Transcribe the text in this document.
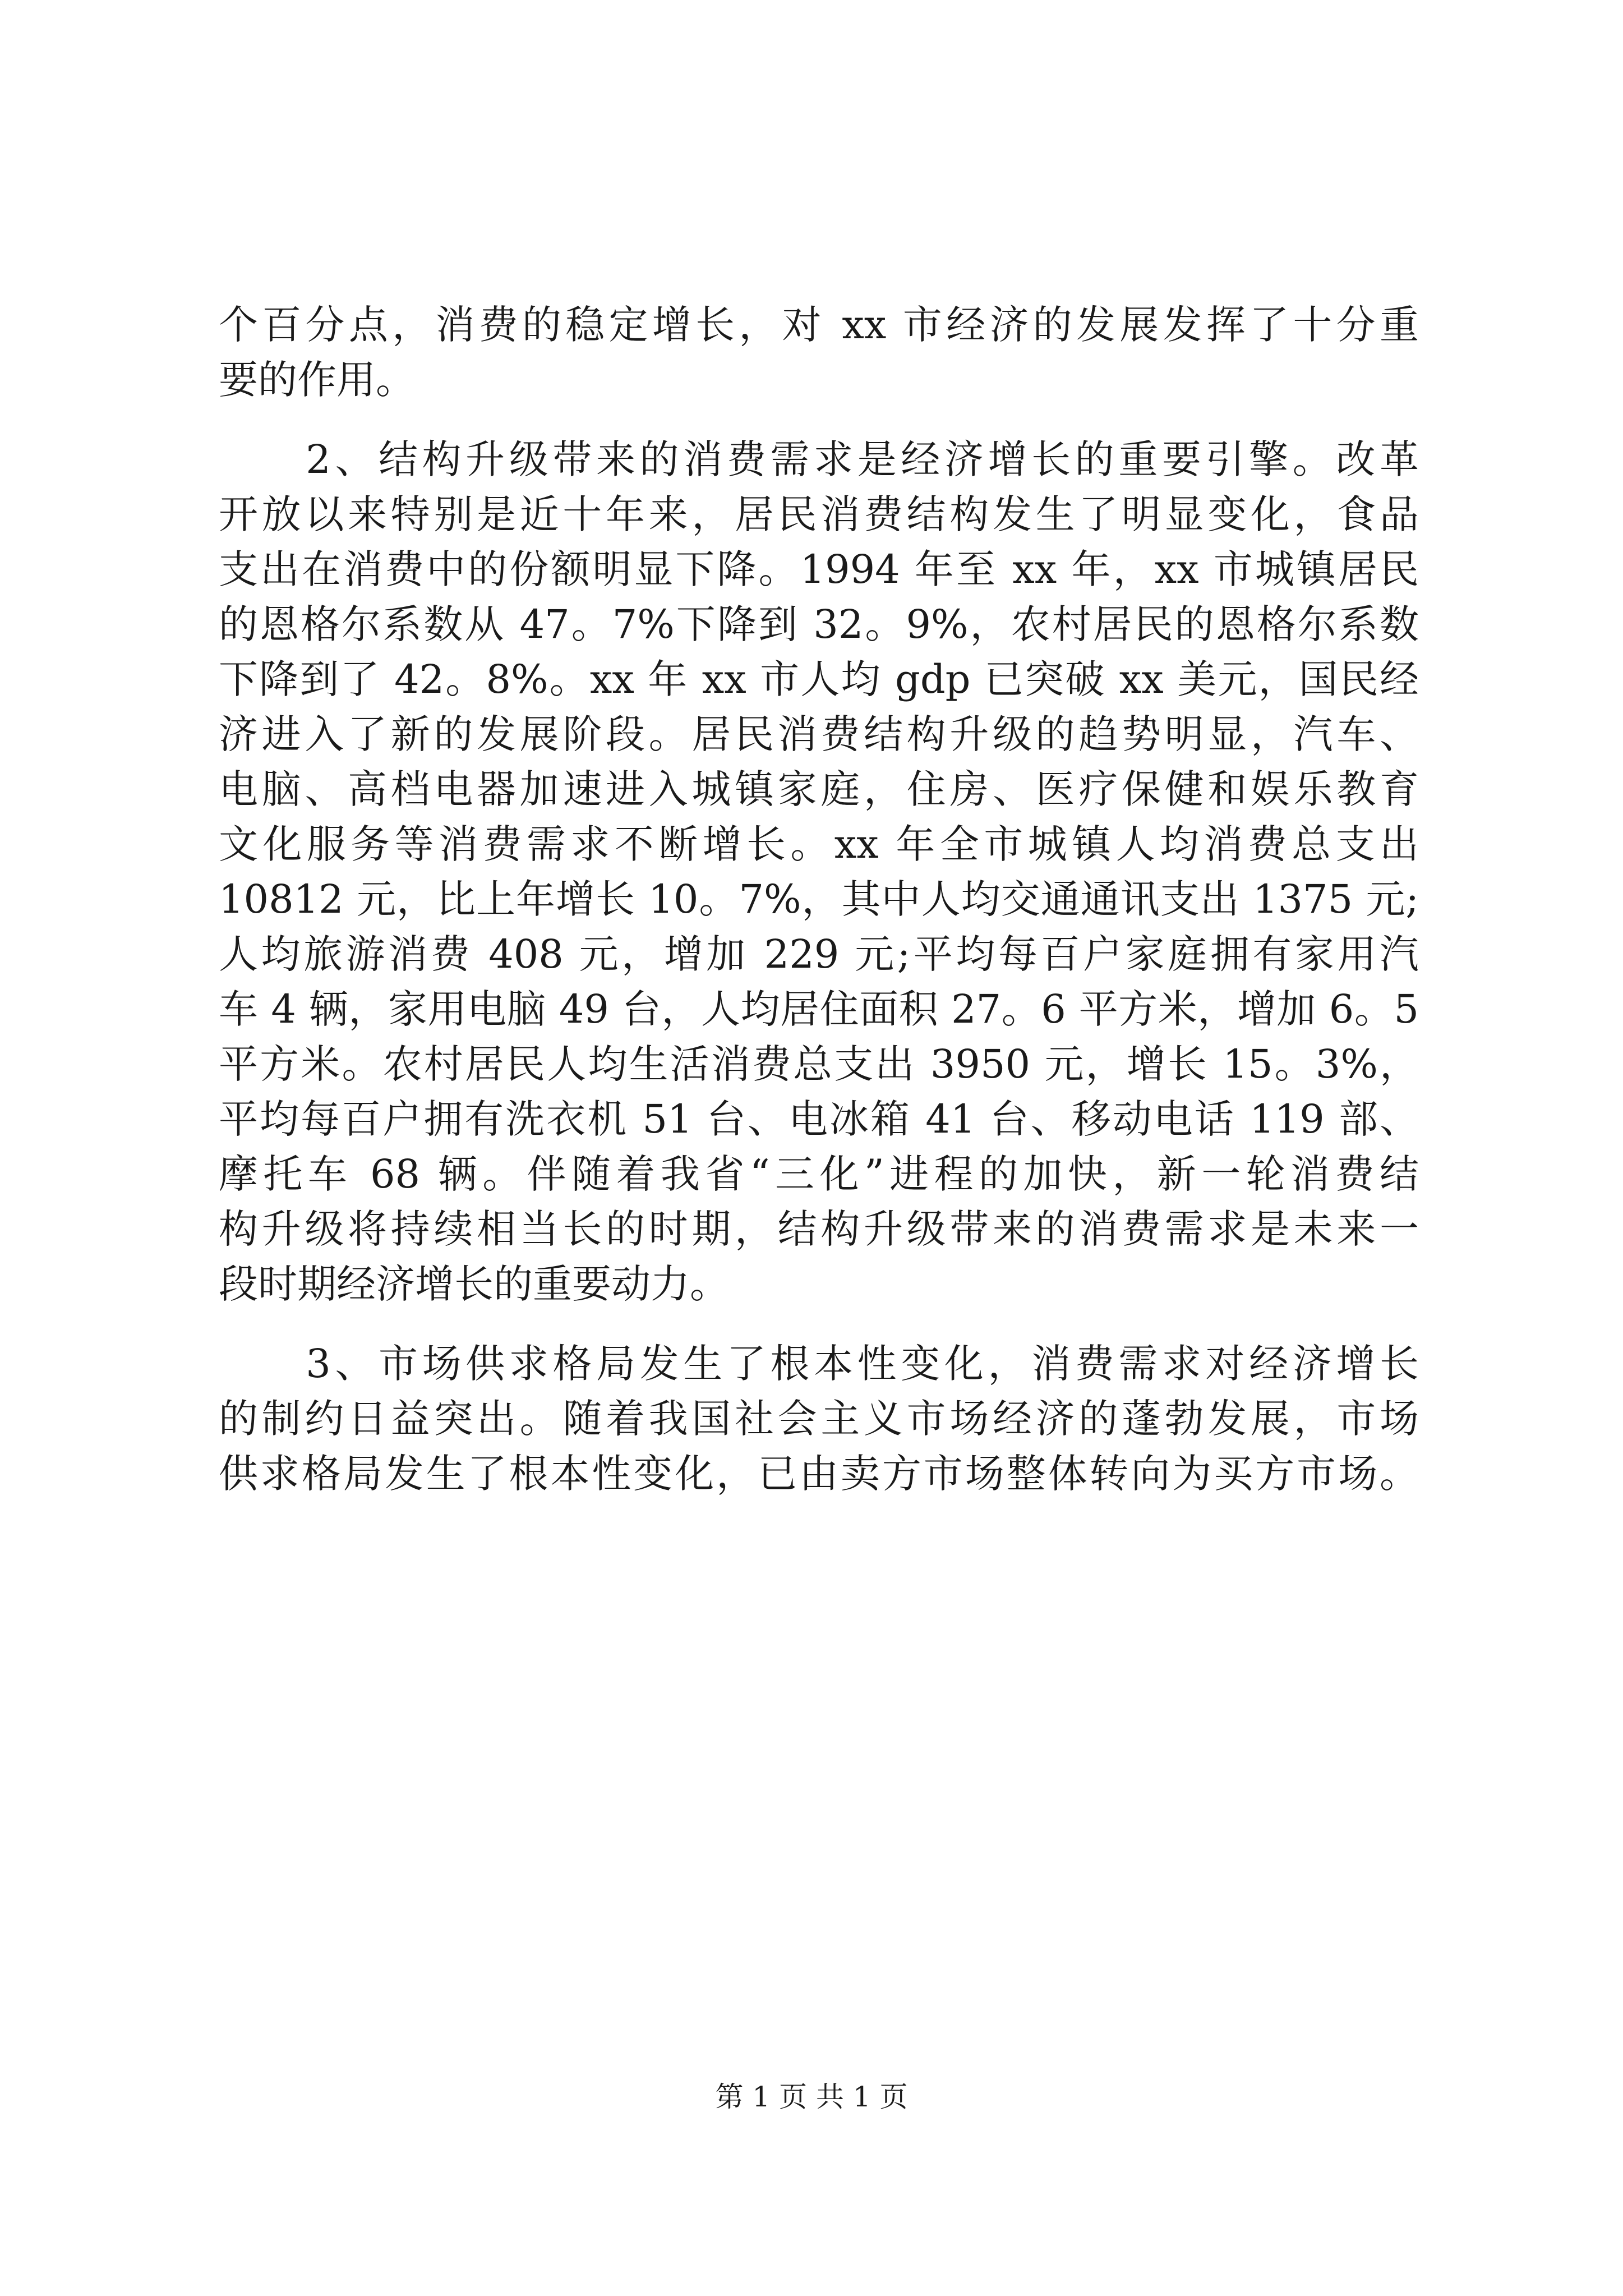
个百分点，消费的稳定增长，对 xx 市经济的发展发挥了十分重
要的作用。
　　2、结构升级带来的消费需求是经济增长的重要引擎。改革
开放以来特别是近十年来，居民消费结构发生了明显变化，食品
支出在消费中的份额明显下降。1994 年至 xx 年，xx 市城镇居民
的恩格尔系数从 47。7%下降到 32。9%，农村居民的恩格尔系数
下降到了 42。8%。xx 年 xx 市人均 gdp 已突破 xx 美元，国民经
济进入了新的发展阶段。居民消费结构升级的趋势明显，汽车、
电脑、高档电器加速进入城镇家庭，住房、医疗保健和娱乐教育
文化服务等消费需求不断增长。xx 年全市城镇人均消费总支出
10812 元，比上年增长 10。7%，其中人均交通通讯支出 1375 元;
人均旅游消费 408 元，增加 229 元;平均每百户家庭拥有家用汽
车 4 辆，家用电脑 49 台，人均居住面积 27。6 平方米，增加 6。5
平方米。农村居民人均生活消费总支出 3950 元，增长 15。3%，
平均每百户拥有洗衣机 51 台、电冰箱 41 台、移动电话 119 部、
摩托车 68 辆。伴随着我省“三化”进程的加快，新一轮消费结
构升级将持续相当长的时期，结构升级带来的消费需求是未来一
段时期经济增长的重要动力。
　　3、市场供求格局发生了根本性变化，消费需求对经济增长
的制约日益突出。随着我国社会主义市场经济的蓬勃发展，市场
供求格局发生了根本性变化，已由卖方市场整体转向为买方市场。
第 1 页 共 1 页
